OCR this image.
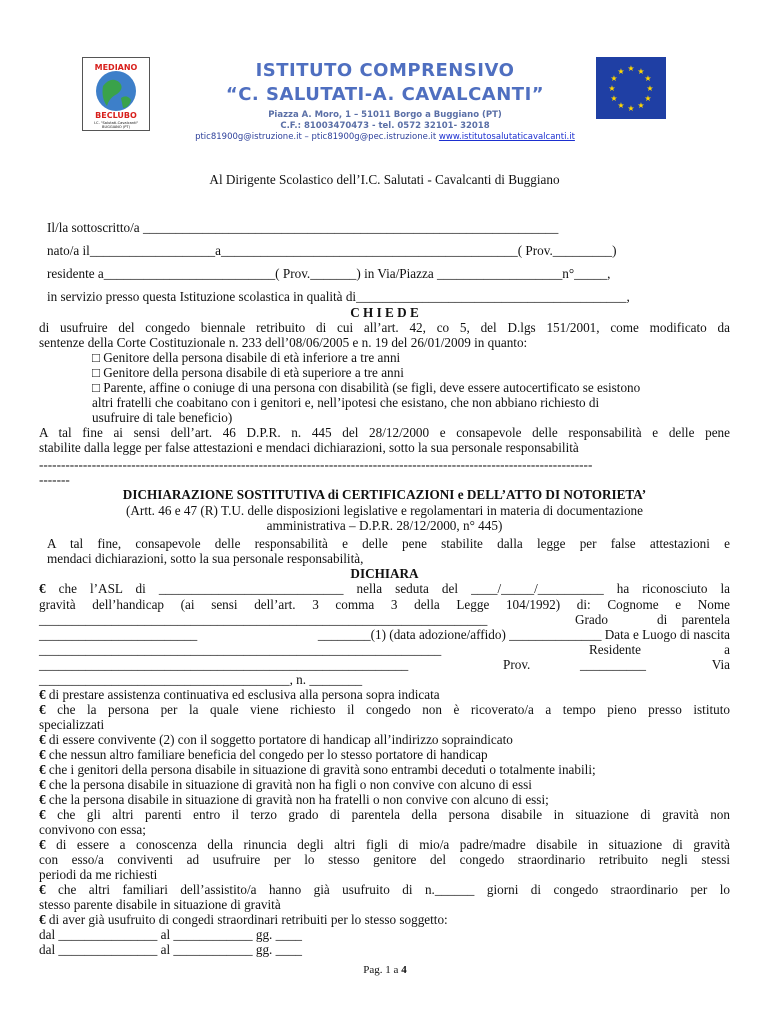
MEDIANO
BECLUBO
I.C. "Salutati-Cavalcanti"
BUGGIANO (PT)
ISTITUTO COMPRENSIVO
“C. SALUTATI-A. CAVALCANTI”
Piazza A. Moro, 1 – 51011 Borgo a Buggiano (PT)
C.F.: 81003470473 - tel. 0572 32101- 32018
ptic81900g@istruzione.it – ptic81900g@pec.istruzione.it www.istitutosalutaticavalcanti.it
★ ★
★
★
★
★
★
★
★
★
★
★
Al Dirigente Scolastico dell’I.C. Salutati - Cavalcanti di Buggiano
Il/la sottoscritto/a _______________________________________________________________
nato/a il___________________a_____________________________________________( Prov._________)
residente a__________________________( Prov._______) in Via/Piazza ___________________n°_____,
in servizio presso questa Istituzione scolastica in qualità di_________________________________________,
C H I E D E
di usufruire del congedo biennale retribuito di cui all’art. 42, co 5, del D.lgs 151/2001, come modificato da
sentenze della Corte Costituzionale n. 233 dell’08/06/2005 e n. 19 del 26/01/2009 in quanto:
□ Genitore della persona disabile di età inferiore a tre anni
□ Genitore della persona disabile di età superiore a tre anni
□ Parente, affine o coniuge di una persona con disabilità (se figli, deve essere autocertificato se esistono
altri fratelli che coabitano con i genitori e, nell’ipotesi che esistano, che non abbiano richiesto di
usufruire di tale beneficio)
A tal fine ai sensi dell’art. 46 D.P.R. n. 445 del 28/12/2000 e consapevole delle responsabilità e delle pene
stabilite dalla legge per false attestazioni e mendaci dichiarazioni, sotto la sua personale responsabilità
------------------------------------------------------------------------------------------------------------------------------
-------
DICHIARAZIONE SOSTITUTIVA di CERTIFICAZIONI e DELL’ATTO DI NOTORIETA’
(Artt. 46 e 47 (R) T.U. delle disposizioni legislative e regolamentari in materia di documentazione
amministrativa – D.P.R. 28/12/2000, n° 445)
A tal fine, consapevole delle responsabilità e delle pene stabilite dalla legge per false attestazioni e
mendaci dichiarazioni, sotto la sua personale responsabilità,
DICHIARA
€ che l’ASL di ____________________________ nella seduta del ____/_____/__________ ha riconosciuto la
gravità dell’handicap (ai sensi dell’art. 3 comma 3 della Legge 104/1992) di: Cognome e Nome
____________________________________________________________________	Grado	di parentela
________________________	________(1) (data adozione/affido) ______________ Data e Luogo di nascita
_____________________________________________________________	Residente	a
________________________________________________________	Prov.	__________	Via
______________________________________, n. ________
€ di prestare assistenza continuativa ed esclusiva alla persona sopra indicata
€ che la persona per la quale viene richiesto il congedo non è ricoverato/a a tempo pieno presso istituto
specializzati
€ di essere convivente (2) con il soggetto portatore di handicap all’indirizzo sopraindicato
€ che nessun altro familiare beneficia del congedo per lo stesso portatore di handicap
€ che i genitori della persona disabile in situazione di gravità sono entrambi deceduti o totalmente inabili;
€ che la persona disabile in situazione di gravità non ha figli o non convive con alcuno di essi
€ che la persona disabile in situazione di gravità non ha fratelli o non convive con alcuno di essi;
€ che gli altri parenti entro il terzo grado di parentela della persona disabile in situazione di gravità non
convivono con essa;
€ di essere a conoscenza della rinuncia degli altri figli di mio/a padre/madre disabile in situazione di gravità
con esso/a conviventi ad usufruire per lo stesso genitore del congedo straordinario retribuito negli stessi
periodi da me richiesti
€ che altri familiari dell’assistito/a hanno già usufruito di n.______ giorni di congedo straordinario per lo
stesso parente disabile in situazione di gravità
€ di aver già usufruito di congedi straordinari retribuiti per lo stesso soggetto:
dal _______________ al ____________ gg. ____
dal _______________ al ____________ gg. ____
Pag. 1 a 4
